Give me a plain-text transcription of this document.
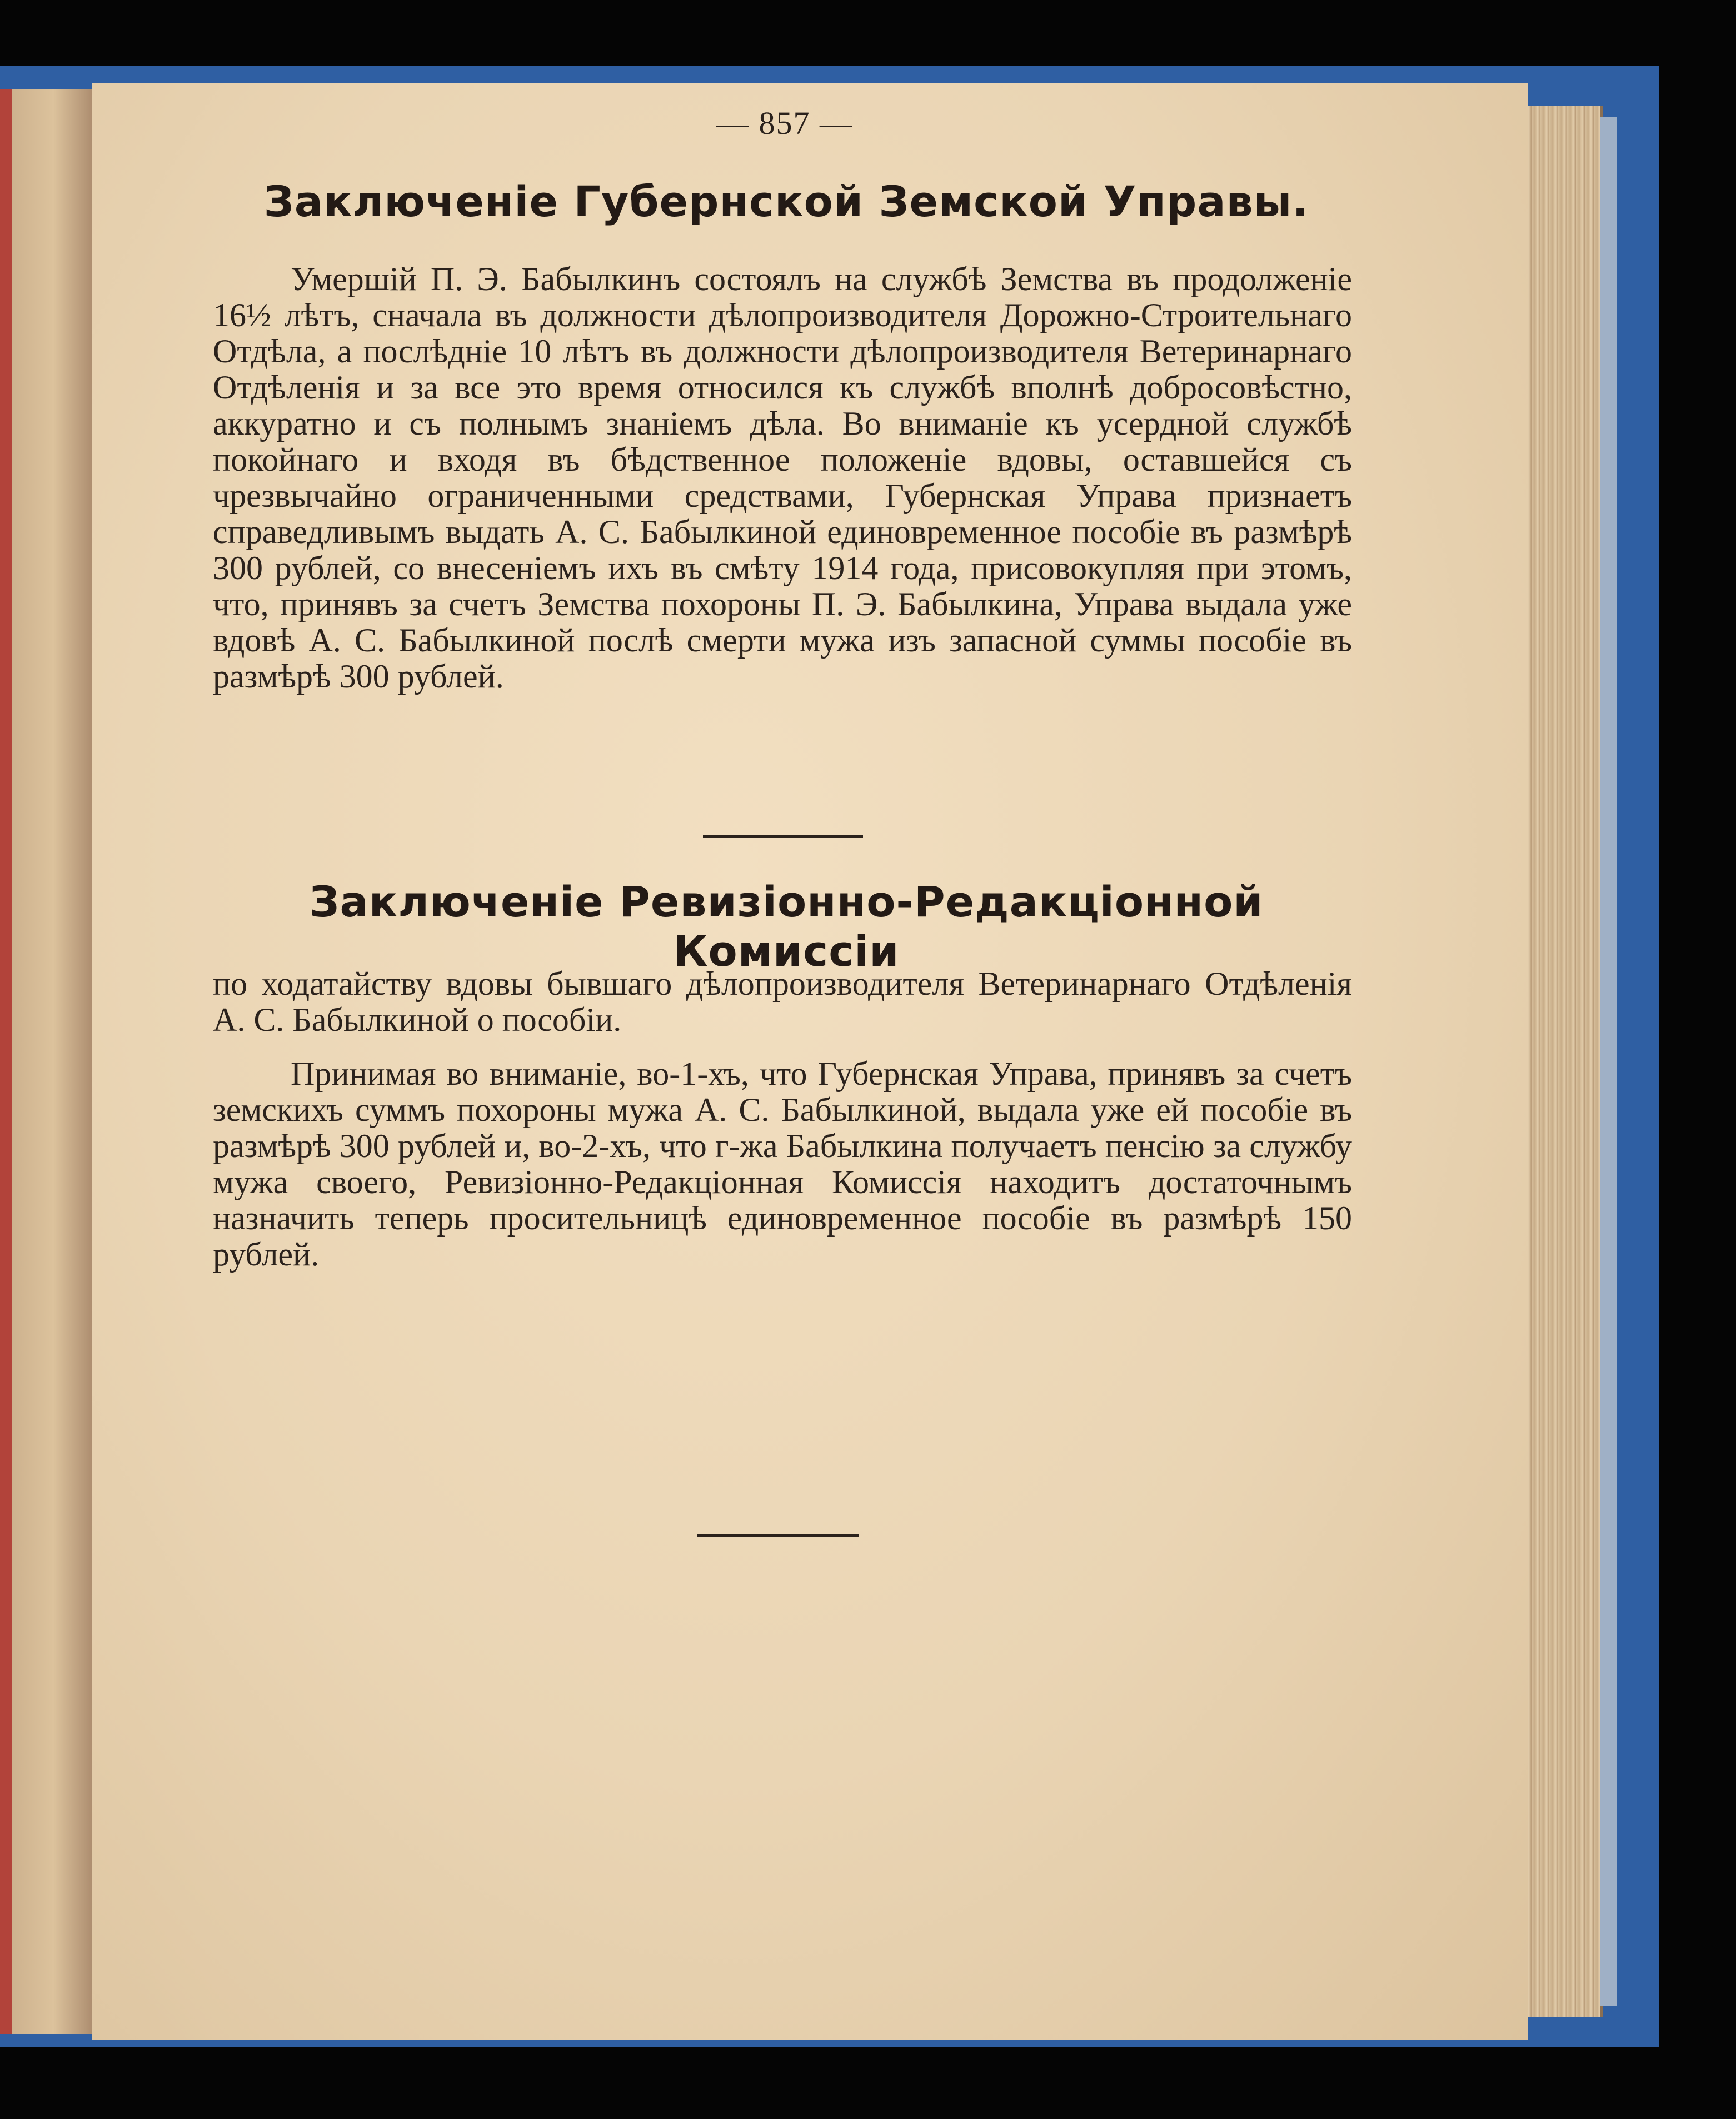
— 857 —
Заключеніе Губернской Земской Управы.

Умершій П. Э. Бабылкинъ состоялъ на службѣ Земства въ продолженіе 16½ лѣтъ, сначала въ должности дѣлопроизводителя Дорожно-Строительнаго Отдѣла, а послѣдніе 10 лѣтъ въ должности дѣлопроизводителя Ветеринарнаго Отдѣленія и за все это время относился къ службѣ вполнѣ добросовѣстно, аккуратно и съ полнымъ знаніемъ дѣла. Во вниманіе къ усердной службѣ покойнаго и входя въ бѣдственное положеніе вдовы, оставшейся съ чрезвычайно ограниченными средствами, Губернская Управа признаетъ справедливымъ выдать А. С. Бабылкиной единовременное пособіе въ размѣрѣ 300 рублей, со внесеніемъ ихъ въ смѣту 1914 года, присовокупляя при этомъ, что, принявъ за счетъ Земства похороны П. Э. Бабылкина, Управа выдала уже вдовѣ А. С. Бабылкиной послѣ смерти мужа изъ запасной суммы пособіе въ размѣрѣ 300 рублей.

Заключеніе Ревизіонно-Редакціонной Комиссіи

по ходатайству вдовы бывшаго дѣлопроизводителя Ветеринарнаго Отдѣленія А. С. Бабылкиной о пособіи.

Принимая во вниманіе, во-1-хъ, что Губернская Управа, принявъ за счетъ земскихъ суммъ похороны мужа А. С. Бабылкиной, выдала уже ей пособіе въ размѣрѣ 300 рублей и, во-2-хъ, что г-жа Бабылкина получаетъ пенсію за службу мужа своего, Ревизіонно-Редакціонная Комиссія находитъ достаточнымъ назначить теперь просительницѣ единовременное пособіе въ размѣрѣ 150 рублей.
